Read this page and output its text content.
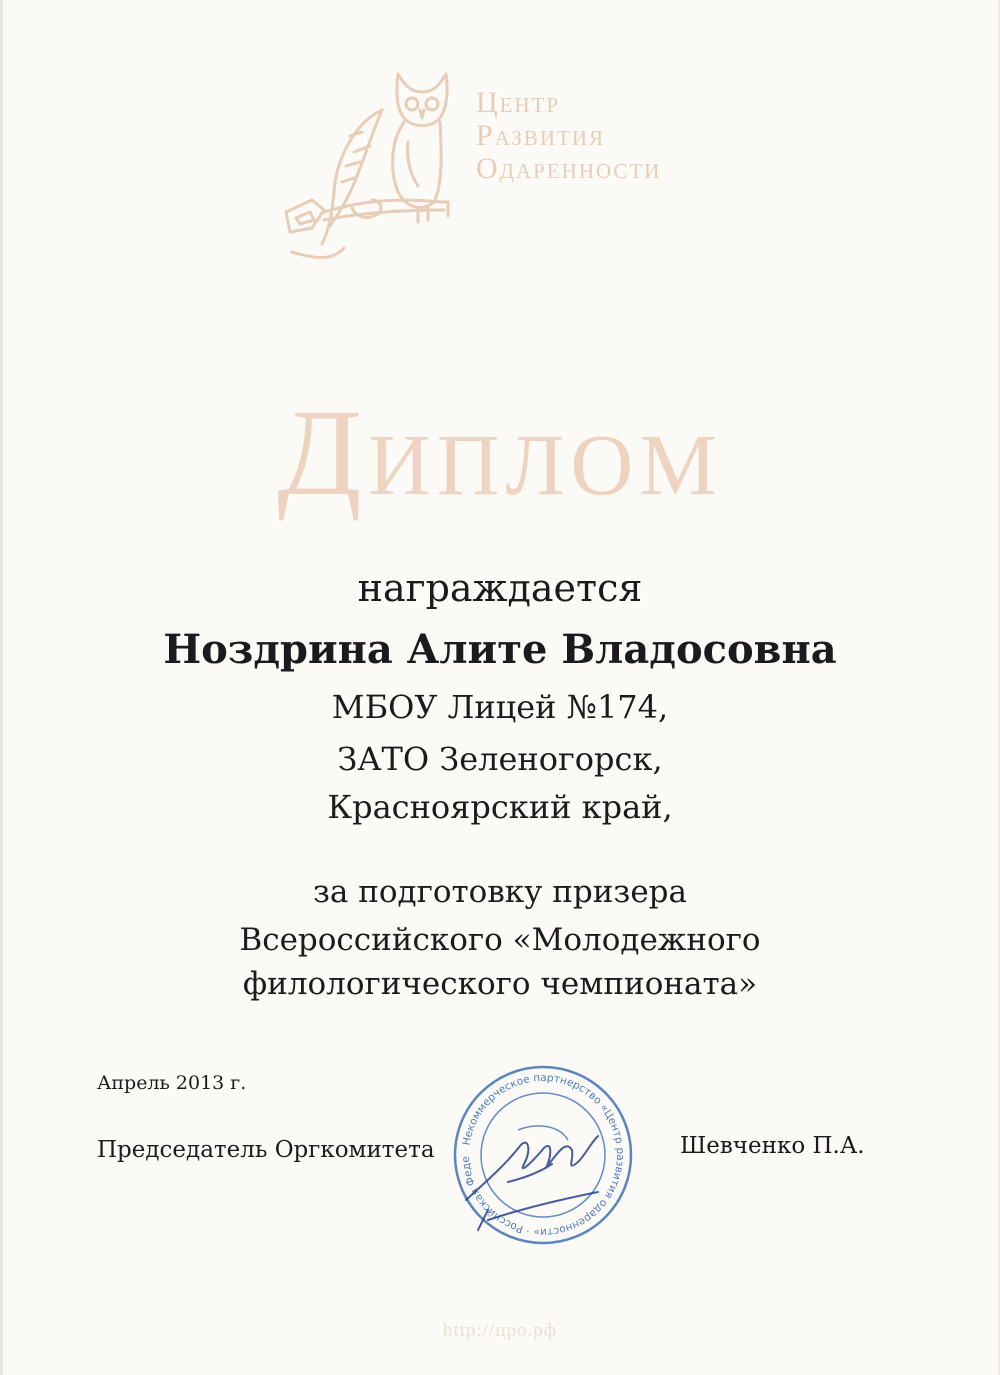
Центр
Развития
Одаренности
Диплом
награждается
Ноздрина Алите Владосовна
МБОУ Лицей №174,
ЗАТО Зеленогорск,
Красноярский край,
за подготовку призера
Всероссийского «Молодежного
филологического чемпионата»
Апрель 2013 г.
Председатель Оргкомитета	Шевченко П.А.
Некоммерческое партнерство «Центр развития одаренности» · Российская Феде
http://цро.рф
